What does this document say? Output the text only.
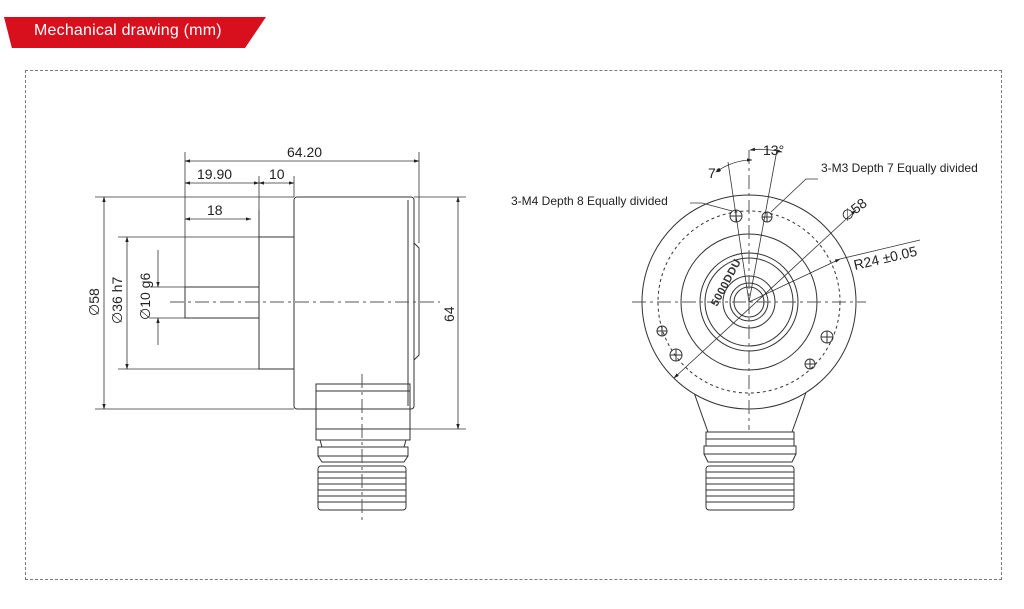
Mechanical drawing (mm)
64.20
19.90	10
18
∅58 ∅36 h7 ∅10 g6	64
3-M4 Depth 8 Equally divided
3-M3 Depth 7 Equally divided
7°
13°
∅58
R24 ±0.05
5000DDU
